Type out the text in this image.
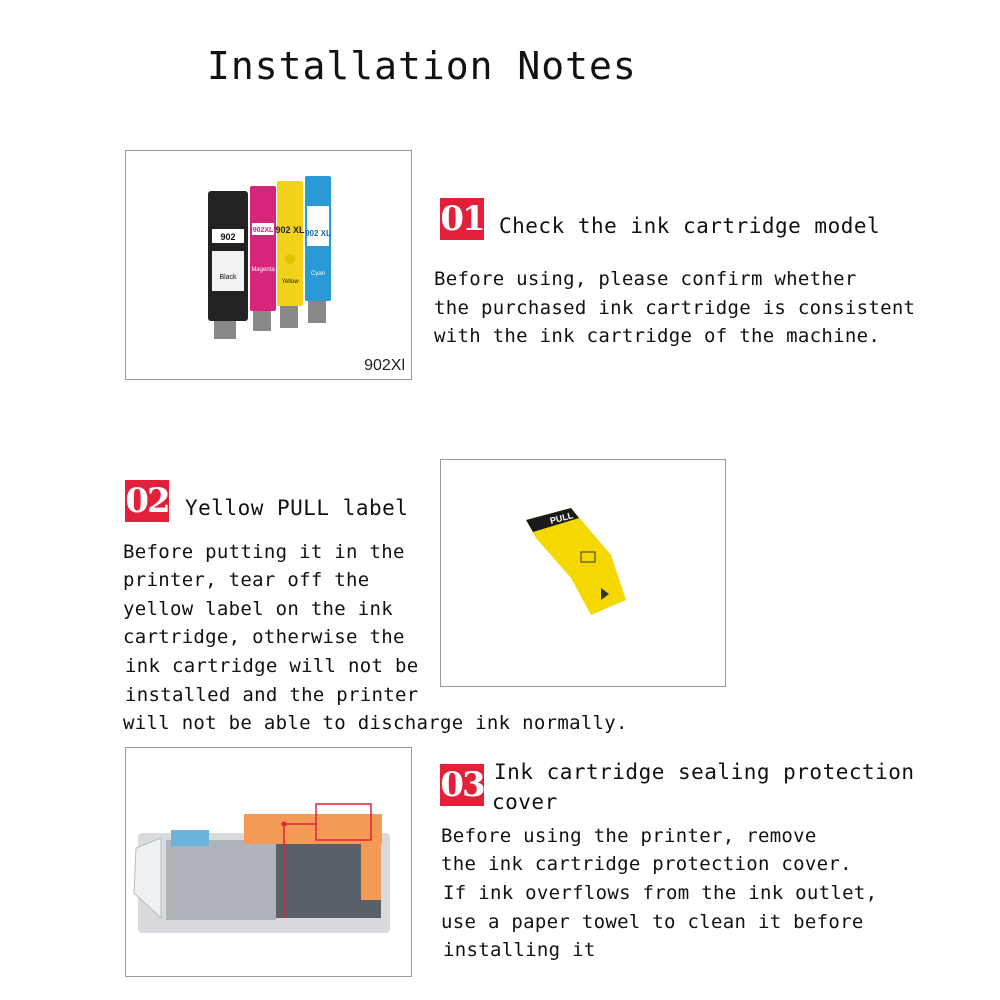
Installation Notes
902
Black
902XL
Magenta
902 XL
Yellow
902 XL
Cyan
902Xl
01 Check the ink cartridge model
Before using, please confirm whether
the purchased ink cartridge is consistent
with the ink cartridge of the machine.
02 Yellow PULL label
Before putting it in the
printer, tear off the
yellow label on the ink
cartridge, otherwise the
ink cartridge will not be
installed and the printer
will not be able to discharge ink normally.
PULL
03 Ink cartridge sealing protection
cover
Before using the printer, remove
the ink cartridge protection cover.
If ink overflows from the ink outlet,
use a paper towel to clean it before
installing it
